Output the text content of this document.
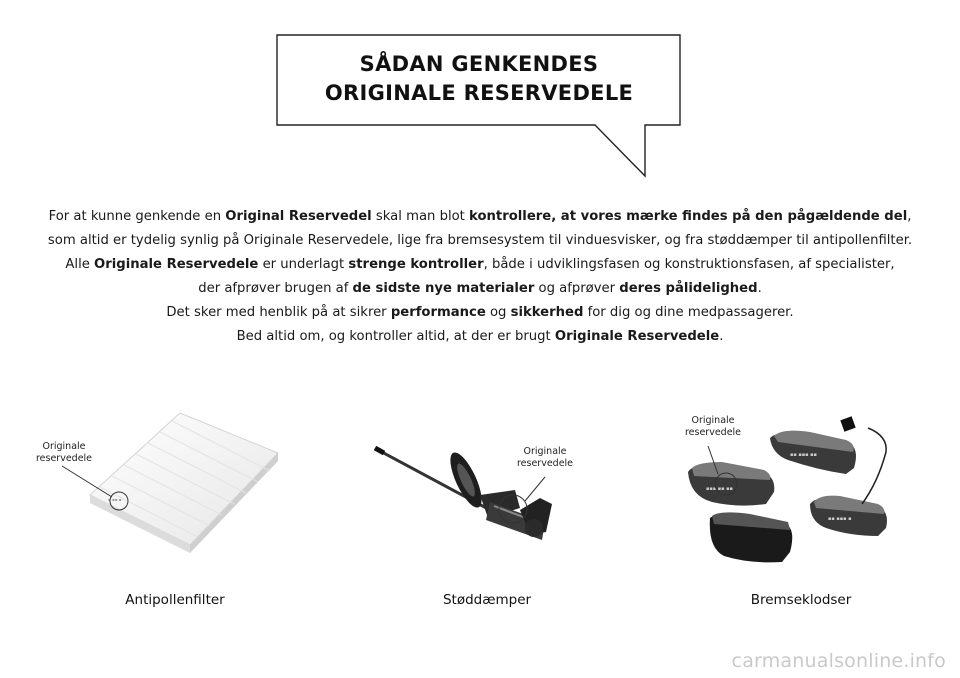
SÅDAN GENKENDES
ORIGINALE RESERVEDELE
For at kunne genkende en Original Reservedel skal man blot kontrollere, at vores mærke findes på den pågældende del,
som altid er tydelig synlig på Originale Reservedele, lige fra bremsesystem til vinduesvisker, og fra støddæmper til antipollenfilter.
Alle Originale Reservedele er underlagt strenge kontroller, både i udviklingsfasen og konstruktionsfasen, af specialister,
der afprøver brugen af de sidste nye materialer og afprøver deres pålidelighed.
Det sker med henblik på at sikrer performance og sikkerhed for dig og dine medpassagerer.
Bed altid om, og kontroller altid, at der er brugt Originale Reservedele.
▪ ▪▪ ▪
Originale
reservedele
Antipollenfilter
Originale
reservedele
Støddæmper
▪▪ ▪▪▪ ▪▪
▪▪▪ ▪▪ ▪▪
▪▪ ▪▪▪ ▪
Originale
reservedele
Bremseklodser
carmanualsonline.info
